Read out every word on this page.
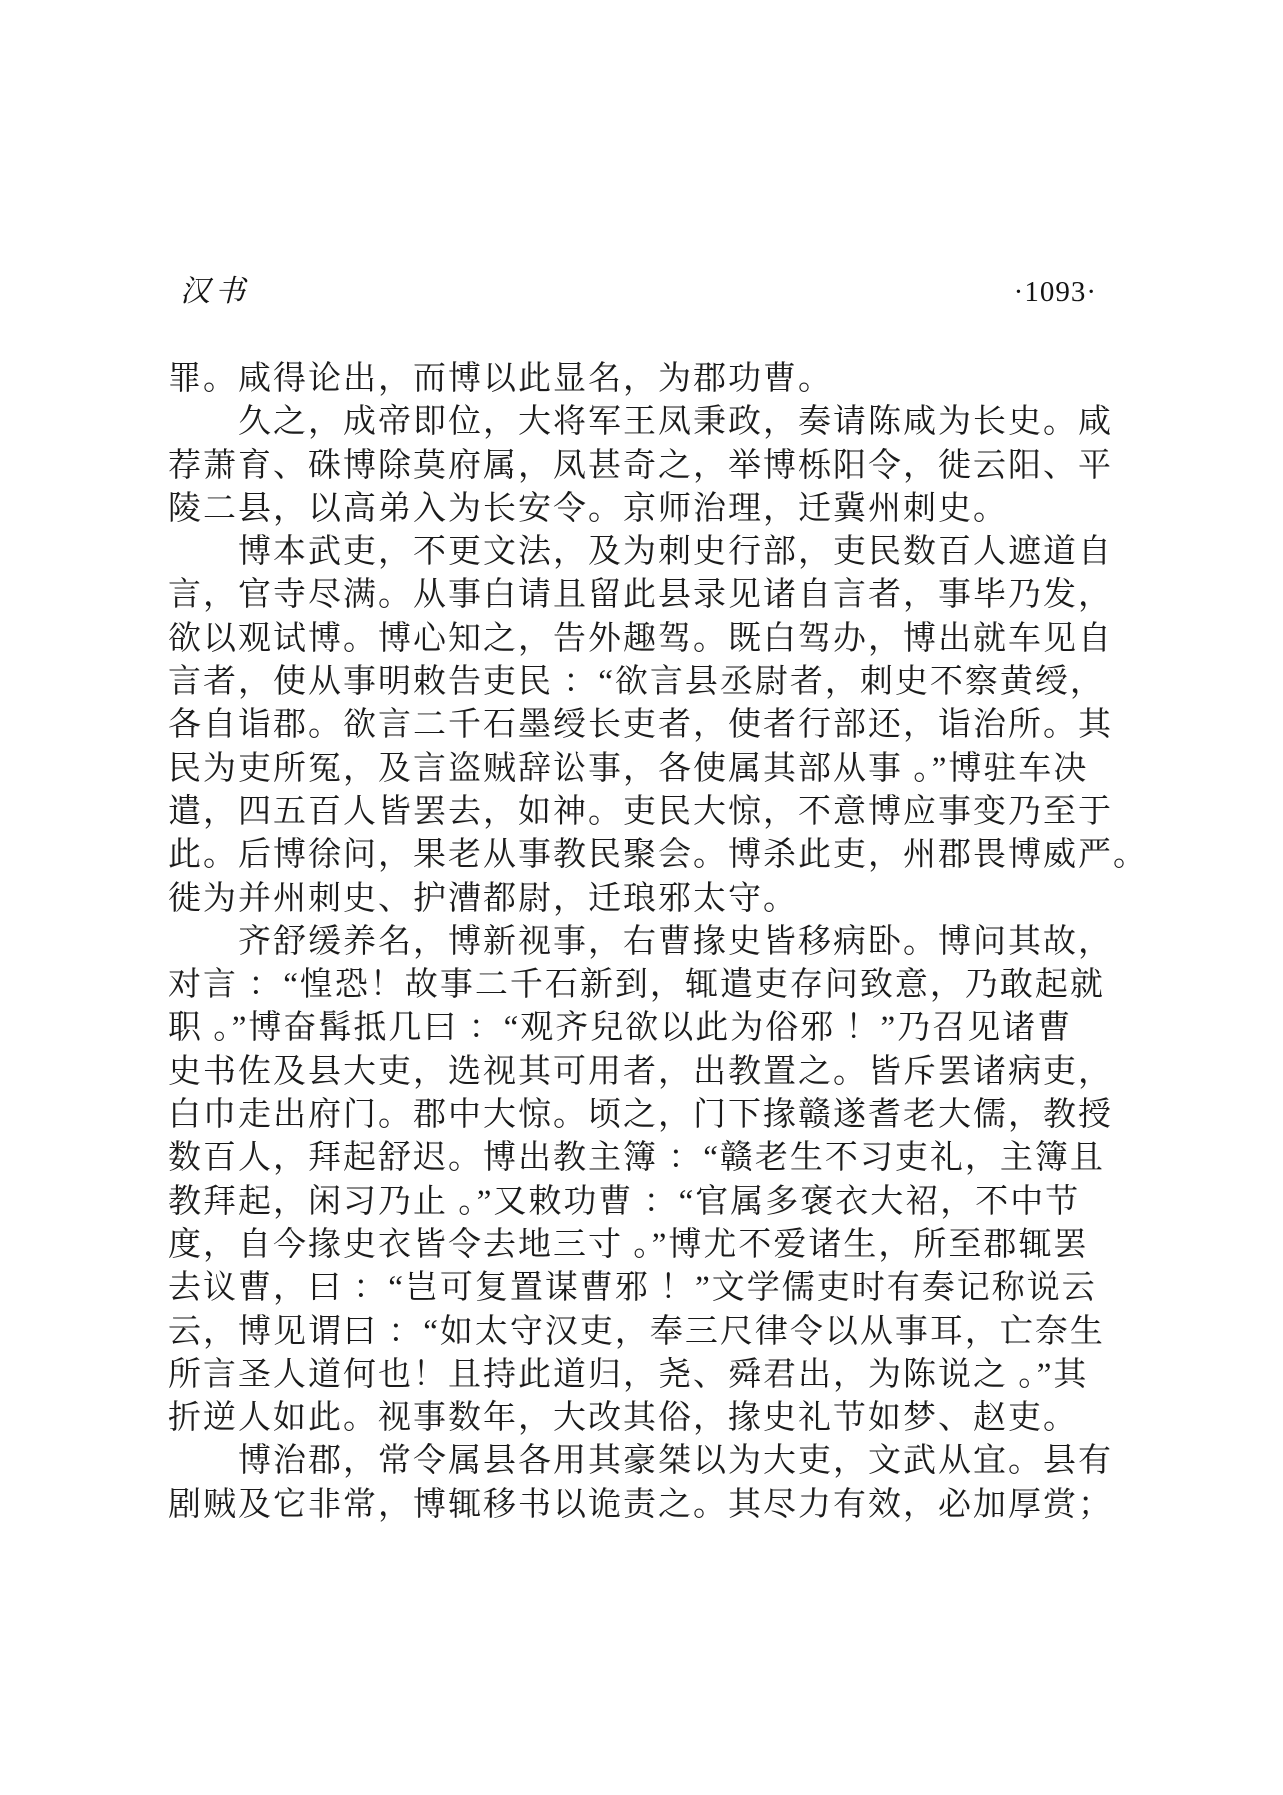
汉书	·1093·
罪。咸得论出，而博以此显名，为郡功曹。
久之，成帝即位，大将军王凤秉政，奏请陈咸为长史。咸
荐萧育、硃博除莫府属，凤甚奇之，举博栎阳令，徙云阳、平
陵二县，以高弟入为长安令。京师治理，迁冀州刺史。
博本武吏，不更文法，及为刺史行部，吏民数百人遮道自
言，官寺尽满。从事白请且留此县录见诸自言者，事毕乃发，
欲以观试博。博心知之，告外趣驾。既白驾办，博出就车见自
言者，使从事明敕告吏民 ：“欲言县丞尉者，刺史不察黄绶，
各自诣郡。欲言二千石墨绶长吏者，使者行部还，诣治所。其
民为吏所冤，及言盗贼辞讼事，各使属其部从事 。”博驻车决
遣，四五百人皆罢去，如神。吏民大惊，不意博应事变乃至于
此。后博徐问，果老从事教民聚会。博杀此吏，州郡畏博威严。
徙为并州刺史、护漕都尉，迁琅邪太守。
齐舒缓养名，博新视事，右曹掾史皆移病卧。博问其故，
对言 ：“惶恐！故事二千石新到，辄遣吏存问致意，乃敢起就
职 。”博奋髯抵几曰 ：“观齐兒欲以此为俗邪 ！”乃召见诸曹
史书佐及县大吏，选视其可用者，出教置之。皆斥罢诸病吏，
白巾走出府门。郡中大惊。顷之，门下掾赣遂耆老大儒，教授
数百人，拜起舒迟。博出教主簿 ：“赣老生不习吏礼，主簿且
教拜起，闲习乃止 。”又敕功曹 ：“官属多褒衣大袑，不中节
度，自今掾史衣皆令去地三寸 。”博尤不爱诸生，所至郡辄罢
去议曹，曰 ：“岂可复置谋曹邪 ！”文学儒吏时有奏记称说云
云，博见谓曰 ：“如太守汉吏，奉三尺律令以从事耳，亡奈生
所言圣人道何也！且持此道归，尧、舜君出，为陈说之 。”其
折逆人如此。视事数年，大改其俗，掾史礼节如梦、赵吏。
博治郡，常令属县各用其豪桀以为大吏，文武从宜。县有
剧贼及它非常，博辄移书以诡责之。其尽力有效，必加厚赏；
